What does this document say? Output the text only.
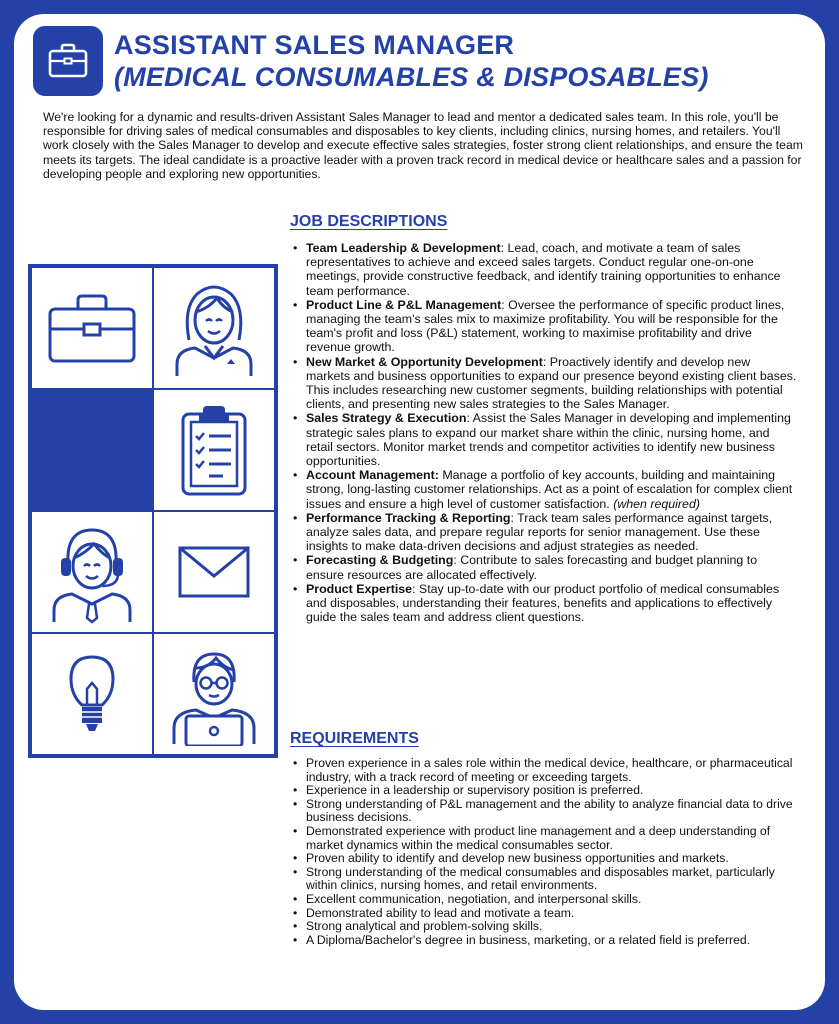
ASSISTANT SALES MANAGER
(MEDICAL CONSUMABLES & DISPOSABLES)
We're looking for a dynamic and results-driven Assistant Sales Manager to lead and mentor a dedicated sales team. In this role, you'll be responsible for driving sales of medical consumables and disposables to key clients, including clinics, nursing homes, and retailers. You'll work closely with the Sales Manager to develop and execute effective sales strategies, foster strong client relationships, and ensure the team meets its targets. The ideal candidate is a proactive leader with a proven track record in medical device or healthcare sales and a passion for developing people and exploring new opportunities.
JOB DESCRIPTIONS
• Team Leadership & Development: Lead, coach, and motivate a team of sales representatives to achieve and exceed sales targets. Conduct regular one-on-one meetings, provide constructive feedback, and identify training opportunities to enhance team performance.
• Product Line & P&L Management: Oversee the performance of specific product lines, managing the team's sales mix to maximize profitability. You will be responsible for the team's profit and loss (P&L) statement, working to maximise profitability and drive revenue growth.
• New Market & Opportunity Development: Proactively identify and develop new markets and business opportunities to expand our presence beyond existing client bases. This includes researching new customer segments, building relationships with potential clients, and presenting new sales strategies to the Sales Manager.
• Sales Strategy & Execution: Assist the Sales Manager in developing and implementing strategic sales plans to expand our market share within the clinic, nursing home, and retail sectors. Monitor market trends and competitor activities to identify new business opportunities.
• Account Management: Manage a portfolio of key accounts, building and maintaining strong, long-lasting customer relationships. Act as a point of escalation for complex client issues and ensure a high level of customer satisfaction. (when required)
• Performance Tracking & Reporting: Track team sales performance against targets, analyze sales data, and prepare regular reports for senior management. Use these insights to make data-driven decisions and adjust strategies as needed.
• Forecasting & Budgeting: Contribute to sales forecasting and budget planning to ensure resources are allocated effectively.
• Product Expertise: Stay up-to-date with our product portfolio of medical consumables and disposables, understanding their features, benefits and applications to effectively guide the sales team and address client questions.
REQUIREMENTS
• Proven experience in a sales role within the medical device, healthcare, or pharmaceutical industry, with a track record of meeting or exceeding targets.
• Experience in a leadership or supervisory position is preferred.
• Strong understanding of P&L management and the ability to analyze financial data to drive business decisions.
• Demonstrated experience with product line management and a deep understanding of market dynamics within the medical consumables sector.
• Proven ability to identify and develop new business opportunities and markets.
• Strong understanding of the medical consumables and disposables market, particularly within clinics, nursing homes, and retail environments.
• Excellent communication, negotiation, and interpersonal skills.
• Demonstrated ability to lead and motivate a team.
• Strong analytical and problem-solving skills.
• A Diploma/Bachelor's degree in business, marketing, or a related field is preferred.
